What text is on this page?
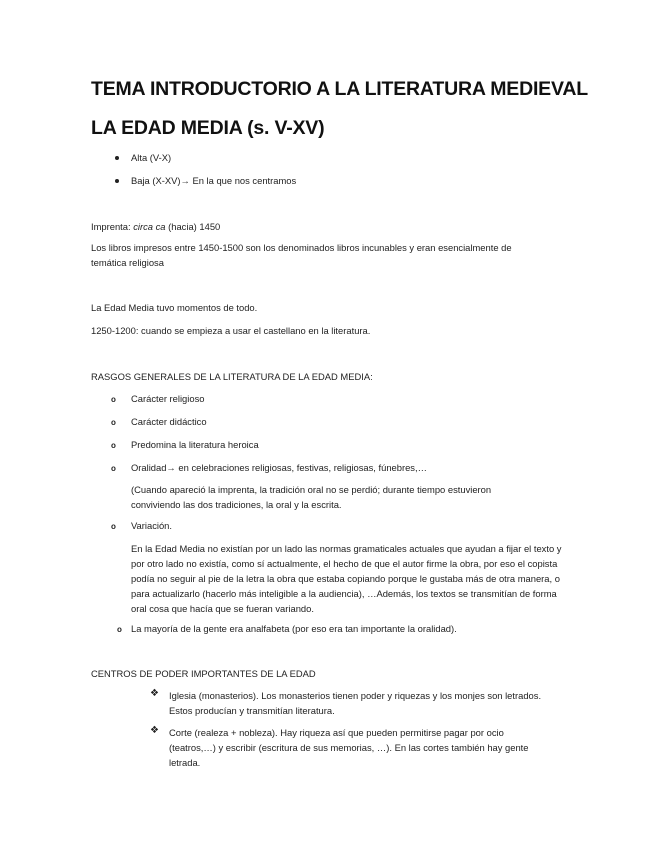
TEMA INTRODUCTORIO A LA LITERATURA MEDIEVAL
LA EDAD MEDIA (s. V-XV)
Alta (V-X)
Baja (X-XV)→ En la que nos centramos
Imprenta: circa ca (hacia) 1450
Los libros impresos entre 1450-1500 son los denominados libros incunables y eran esencialmente de temática religiosa
La Edad Media tuvo momentos de todo.
1250-1200: cuando se empieza a usar el castellano en la literatura.
RASGOS GENERALES DE LA LITERATURA DE LA EDAD MEDIA:
o Carácter religioso
o Carácter didáctico
o Predomina la literatura heroica
o Oralidad→ en celebraciones religiosas, festivas, religiosas, fúnebres,…
(Cuando apareció la imprenta, la tradición oral no se perdió; durante tiempo estuvieron conviviendo las dos tradiciones, la oral y la escrita.
o Variación.
En la Edad Media no existían por un lado las normas gramaticales actuales que ayudan a fijar el texto y por otro lado no existía, como sí actualmente, el hecho de que el autor firme la obra, por eso el copista podía no seguir al pie de la letra la obra que estaba copiando porque le gustaba más de otra manera, o para actualizarlo (hacerlo más inteligible a la audiencia), …Además, los textos se transmitían de forma oral cosa que hacía que se fueran variando.
o La mayoría de la gente era analfabeta (por eso era tan importante la oralidad).
CENTROS DE PODER IMPORTANTES DE LA EDAD
❖ Iglesia (monasterios). Los monasterios tienen poder y riquezas y los monjes son letrados. Estos producían y transmitían literatura.
❖ Corte (realeza + nobleza). Hay riqueza así que pueden permitirse pagar por ocio (teatros,…) y escribir (escritura de sus memorias, …). En las cortes también hay gente letrada.
